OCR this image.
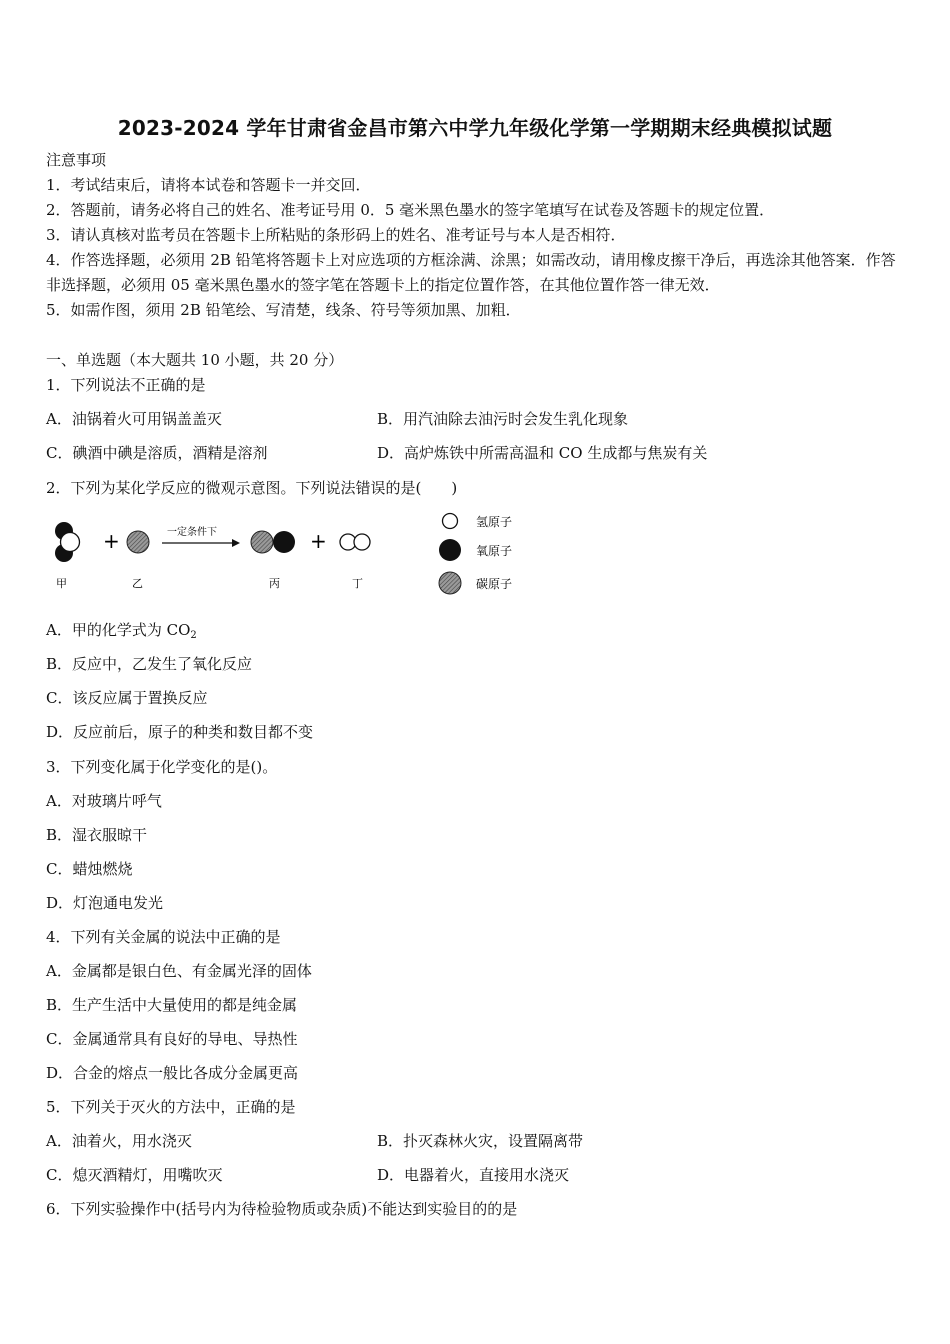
2023-2024 学年甘肃省金昌市第六中学九年级化学第一学期期末经典模拟试题
注意事项
1．考试结束后，请将本试卷和答题卡一并交回．
2．答题前，请务必将自己的姓名、准考证号用 0．5 毫米黑色墨水的签字笔填写在试卷及答题卡的规定位置．
3．请认真核对监考员在答题卡上所粘贴的条形码上的姓名、准考证号与本人是否相符．
4．作答选择题，必须用 2B 铅笔将答题卡上对应选项的方框涂满、涂黑；如需改动，请用橡皮擦干净后，再选涂其他答案．作答非选择题，必须用 05 毫米黑色墨水的签字笔在答题卡上的指定位置作答，在其他位置作答一律无效．
5．如需作图，须用 2B 铅笔绘、写清楚，线条、符号等须加黑、加粗．
一、单选题（本大题共 10 小题，共 20 分）
1．下列说法不正确的是
A．油锅着火可用锅盖盖灭	B．用汽油除去油污时会发生乳化现象
C．碘酒中碘是溶质，酒精是溶剂	D．高炉炼铁中所需高温和 CO 生成都与焦炭有关
2．下列为某化学反应的微观示意图。下列说法错误的是(　　)
+	一定条件下	+
甲	乙	丙	丁
氢原子
氧原子
碳原子
A．甲的化学式为 $CO_2$
B．反应中，乙发生了氧化反应
C．该反应属于置换反应
D．反应前后，原子的种类和数目都不变
3．下列变化属于化学变化的是()。
A．对玻璃片呼气
B．湿衣服晾干
C．蜡烛燃烧
D．灯泡通电发光
4．下列有关金属的说法中正确的是
A．金属都是银白色、有金属光泽的固体
B．生产生活中大量使用的都是纯金属
C．金属通常具有良好的导电、导热性
D．合金的熔点一般比各成分金属更高
5．下列关于灭火的方法中，正确的是
A．油着火，用水浇灭	B．扑灭森林火灾，设置隔离带
C．熄灭酒精灯，用嘴吹灭	D．电器着火，直接用水浇灭
6．下列实验操作中(括号内为待检验物质或杂质)不能达到实验目的的是
